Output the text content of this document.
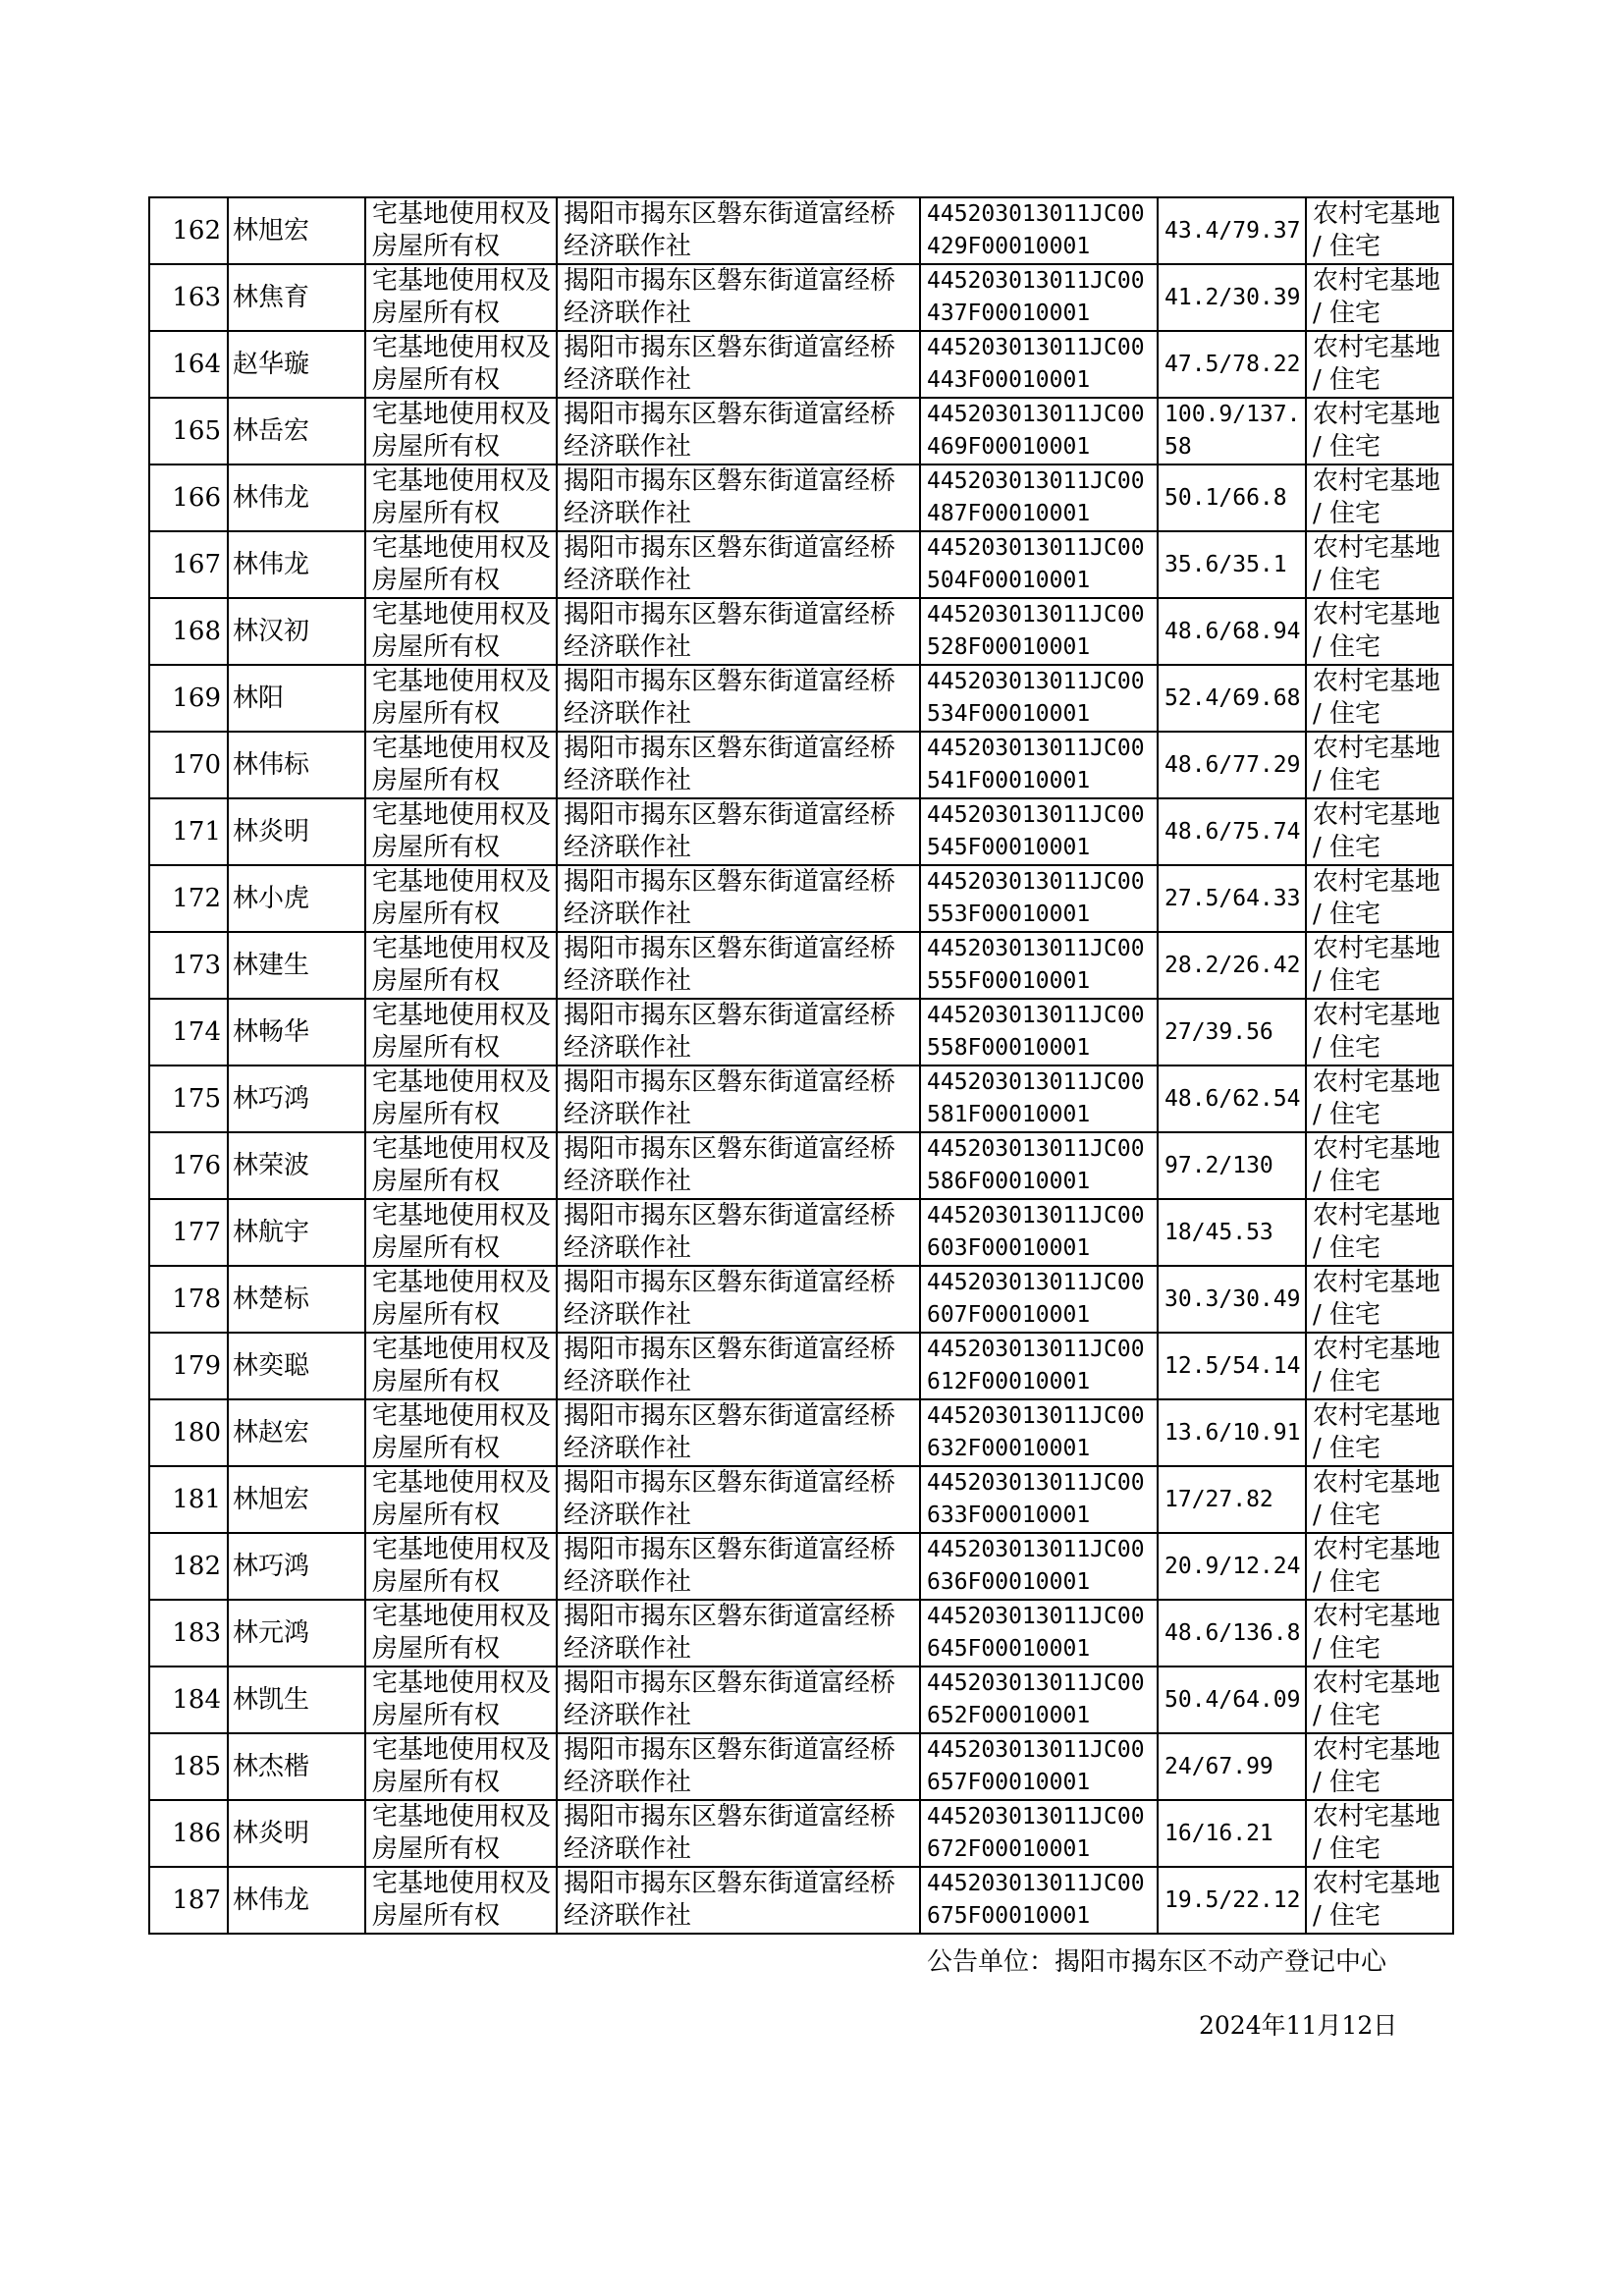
162	林旭宏	宅基地使用权及房屋所有权	揭阳市揭东区磐东街道富经桥经济联作社	445203013011JC00429F00010001	43.4/79.37	农村宅基地 / 住宅

163	林焦育	宅基地使用权及房屋所有权	揭阳市揭东区磐东街道富经桥经济联作社	445203013011JC00437F00010001	41.2/30.39	农村宅基地 / 住宅

164	赵华璇	宅基地使用权及房屋所有权	揭阳市揭东区磐东街道富经桥经济联作社	445203013011JC00443F00010001	47.5/78.22	农村宅基地 / 住宅

165	林岳宏	宅基地使用权及房屋所有权	揭阳市揭东区磐东街道富经桥经济联作社	445203013011JC00469F00010001	100.9/137.58	农村宅基地 / 住宅

166	林伟龙	宅基地使用权及房屋所有权	揭阳市揭东区磐东街道富经桥经济联作社	445203013011JC00487F00010001	50.1/66.8	农村宅基地 / 住宅

167	林伟龙	宅基地使用权及房屋所有权	揭阳市揭东区磐东街道富经桥经济联作社	445203013011JC00504F00010001	35.6/35.1	农村宅基地 / 住宅

168	林汉初	宅基地使用权及房屋所有权	揭阳市揭东区磐东街道富经桥经济联作社	445203013011JC00528F00010001	48.6/68.94	农村宅基地 / 住宅

169	林阳	宅基地使用权及房屋所有权	揭阳市揭东区磐东街道富经桥经济联作社	445203013011JC00534F00010001	52.4/69.68	农村宅基地 / 住宅

170	林伟标	宅基地使用权及房屋所有权	揭阳市揭东区磐东街道富经桥经济联作社	445203013011JC00541F00010001	48.6/77.29	农村宅基地 / 住宅

171	林炎明	宅基地使用权及房屋所有权	揭阳市揭东区磐东街道富经桥经济联作社	445203013011JC00545F00010001	48.6/75.74	农村宅基地 / 住宅

172	林小虎	宅基地使用权及房屋所有权	揭阳市揭东区磐东街道富经桥经济联作社	445203013011JC00553F00010001	27.5/64.33	农村宅基地 / 住宅

173	林建生	宅基地使用权及房屋所有权	揭阳市揭东区磐东街道富经桥经济联作社	445203013011JC00555F00010001	28.2/26.42	农村宅基地 / 住宅

174	林畅华	宅基地使用权及房屋所有权	揭阳市揭东区磐东街道富经桥经济联作社	445203013011JC00558F00010001	27/39.56	农村宅基地 / 住宅

175	林巧鸿	宅基地使用权及房屋所有权	揭阳市揭东区磐东街道富经桥经济联作社	445203013011JC00581F00010001	48.6/62.54	农村宅基地 / 住宅

176	林荣波	宅基地使用权及房屋所有权	揭阳市揭东区磐东街道富经桥经济联作社	445203013011JC00586F00010001	97.2/130	农村宅基地 / 住宅

177	林航宇	宅基地使用权及房屋所有权	揭阳市揭东区磐东街道富经桥经济联作社	445203013011JC00603F00010001	18/45.53	农村宅基地 / 住宅

178	林楚标	宅基地使用权及房屋所有权	揭阳市揭东区磐东街道富经桥经济联作社	445203013011JC00607F00010001	30.3/30.49	农村宅基地 / 住宅

179	林奕聪	宅基地使用权及房屋所有权	揭阳市揭东区磐东街道富经桥经济联作社	445203013011JC00612F00010001	12.5/54.14	农村宅基地 / 住宅

180	林赵宏	宅基地使用权及房屋所有权	揭阳市揭东区磐东街道富经桥经济联作社	445203013011JC00632F00010001	13.6/10.91	农村宅基地 / 住宅

181	林旭宏	宅基地使用权及房屋所有权	揭阳市揭东区磐东街道富经桥经济联作社	445203013011JC00633F00010001	17/27.82	农村宅基地 / 住宅

182	林巧鸿	宅基地使用权及房屋所有权	揭阳市揭东区磐东街道富经桥经济联作社	445203013011JC00636F00010001	20.9/12.24	农村宅基地 / 住宅

183	林元鸿	宅基地使用权及房屋所有权	揭阳市揭东区磐东街道富经桥经济联作社	445203013011JC00645F00010001	48.6/136.8	农村宅基地 / 住宅

184	林凯生	宅基地使用权及房屋所有权	揭阳市揭东区磐东街道富经桥经济联作社	445203013011JC00652F00010001	50.4/64.09	农村宅基地 / 住宅

185	林杰楷	宅基地使用权及房屋所有权	揭阳市揭东区磐东街道富经桥经济联作社	445203013011JC00657F00010001	24/67.99	农村宅基地 / 住宅

186	林炎明	宅基地使用权及房屋所有权	揭阳市揭东区磐东街道富经桥经济联作社	445203013011JC00672F00010001	16/16.21	农村宅基地 / 住宅

187	林伟龙	宅基地使用权及房屋所有权	揭阳市揭东区磐东街道富经桥经济联作社	445203013011JC00675F00010001	19.5/22.12	农村宅基地 / 住宅
公告单位：揭阳市揭东区不动产登记中心
2024年11月12日
